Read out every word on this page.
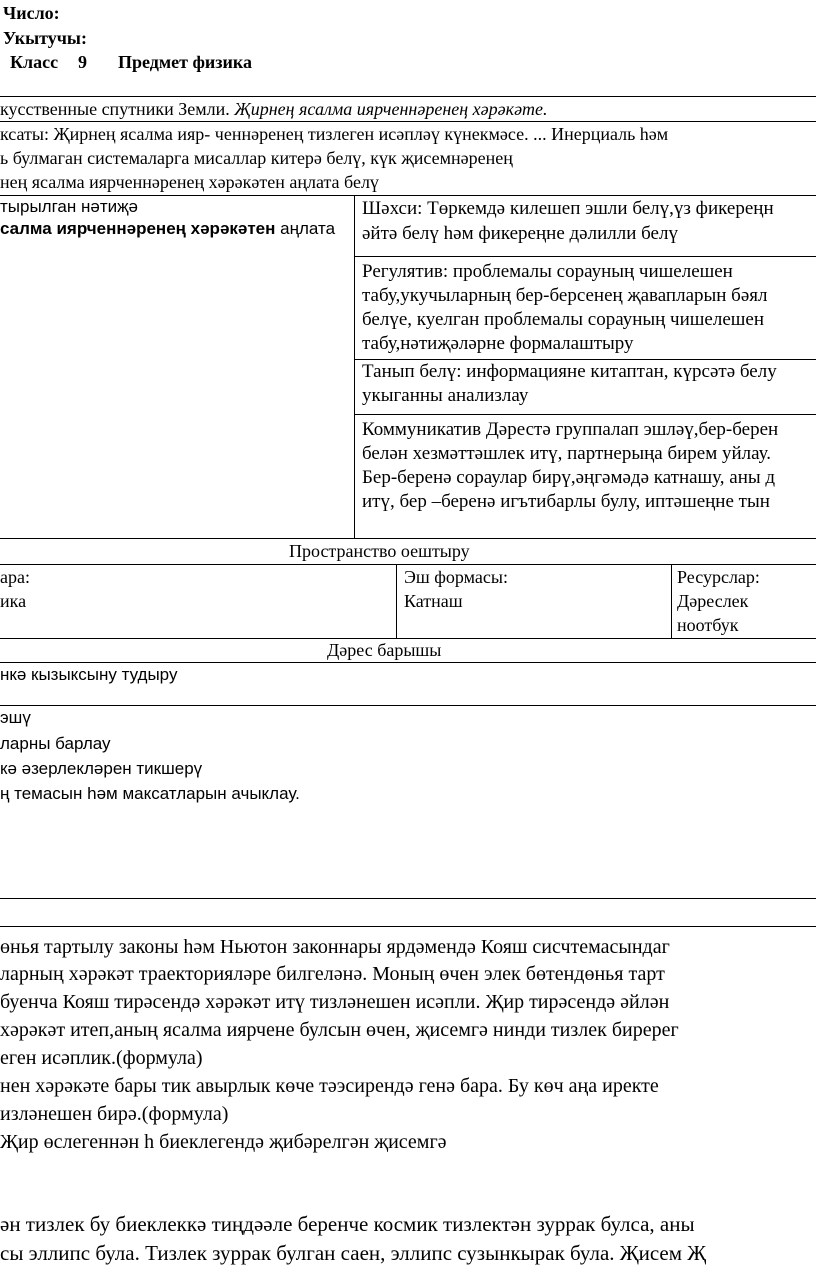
Число:
Укытучы:
Класс 9 Предмет физика
кусственные спутники Земли. Җирнең ясалма иярченнәренең хәрәкәте.
ксаты: Җирнең ясалма ияр- ченнәренең тизлеген исәпләү күнекмәсе. ... Инерциаль һәм
ь булмаган системаларга мисаллар китерә белү, күк җисемнәренең
нең ясалма иярченнәренең хәрәкәтен аңлата белү
тырылган нәтиҗә
салма иярченнәренең хәрәкәтен аңлата
Шәхси: Төркемдә килешеп эшли белү,үз фикереңн
әйтә белү һәм фикереңне дәлилли белү
Регулятив: проблемалы сорауның чишелешен
табу,укучыларның бер-берсенең җавапларын бәял
белүе, куелган проблемалы сорауның чишелешен
табу,нәтиҗәләрне формалаштыру
Танып белү: информацияне китаптан, күрсәтә белу
укыганны анализлау
Коммуникатив Дәрестә группалап эшләү,бер-берен
белән хезмәттәшлек итү, партнерыңа бирем уйлау.
Бер-беренә сораулар бирү,әңгәмәдә катнашу, аны д
итү, бер –беренә игътибарлы булу, иптәшеңне тын
Пространство оештыру
ара:
ика
Эш формасы:
Катнаш
Ресурслар:
Дәреслек
ноотбук
Дәрес барышы
нкә кызыксыну тудыру
эшү
ларны барлау
кә әзерлекләрен тикшерү
ң темасын һәм максатларын ачыклау.
өнья тартылу законы һәм Ньютон законнары ярдәмендә Кояш сисчтемасындаг
ларның хәрәкәт траекторияләре билгеләнә. Моның өчен элек бөтендөнья тарт
буенча Кояш тирәсендә хәрәкәт итү тизләнешен исәпли. Җир тирәсендә әйлән
хәрәкәт итеп,аның ясалма иярчене булсын өчен, җисемгә нинди тизлек биререг
еген исәплик.(формула)
нен хәрәкәте бары тик авырлык көче тәэсирендә генә бара. Бу көч аңа иректе
изләнешен бирә.(формула)
Җир өслегеннән h биеклегендә җибәрелгән җисемгә
ән тизлек бу биеклеккә тиңдәәле беренче космик тизлектән зуррак булса, аны
сы эллипс була. Тизлек зуррак булган саен, эллипс сузынкырак була. Җисем Җ
